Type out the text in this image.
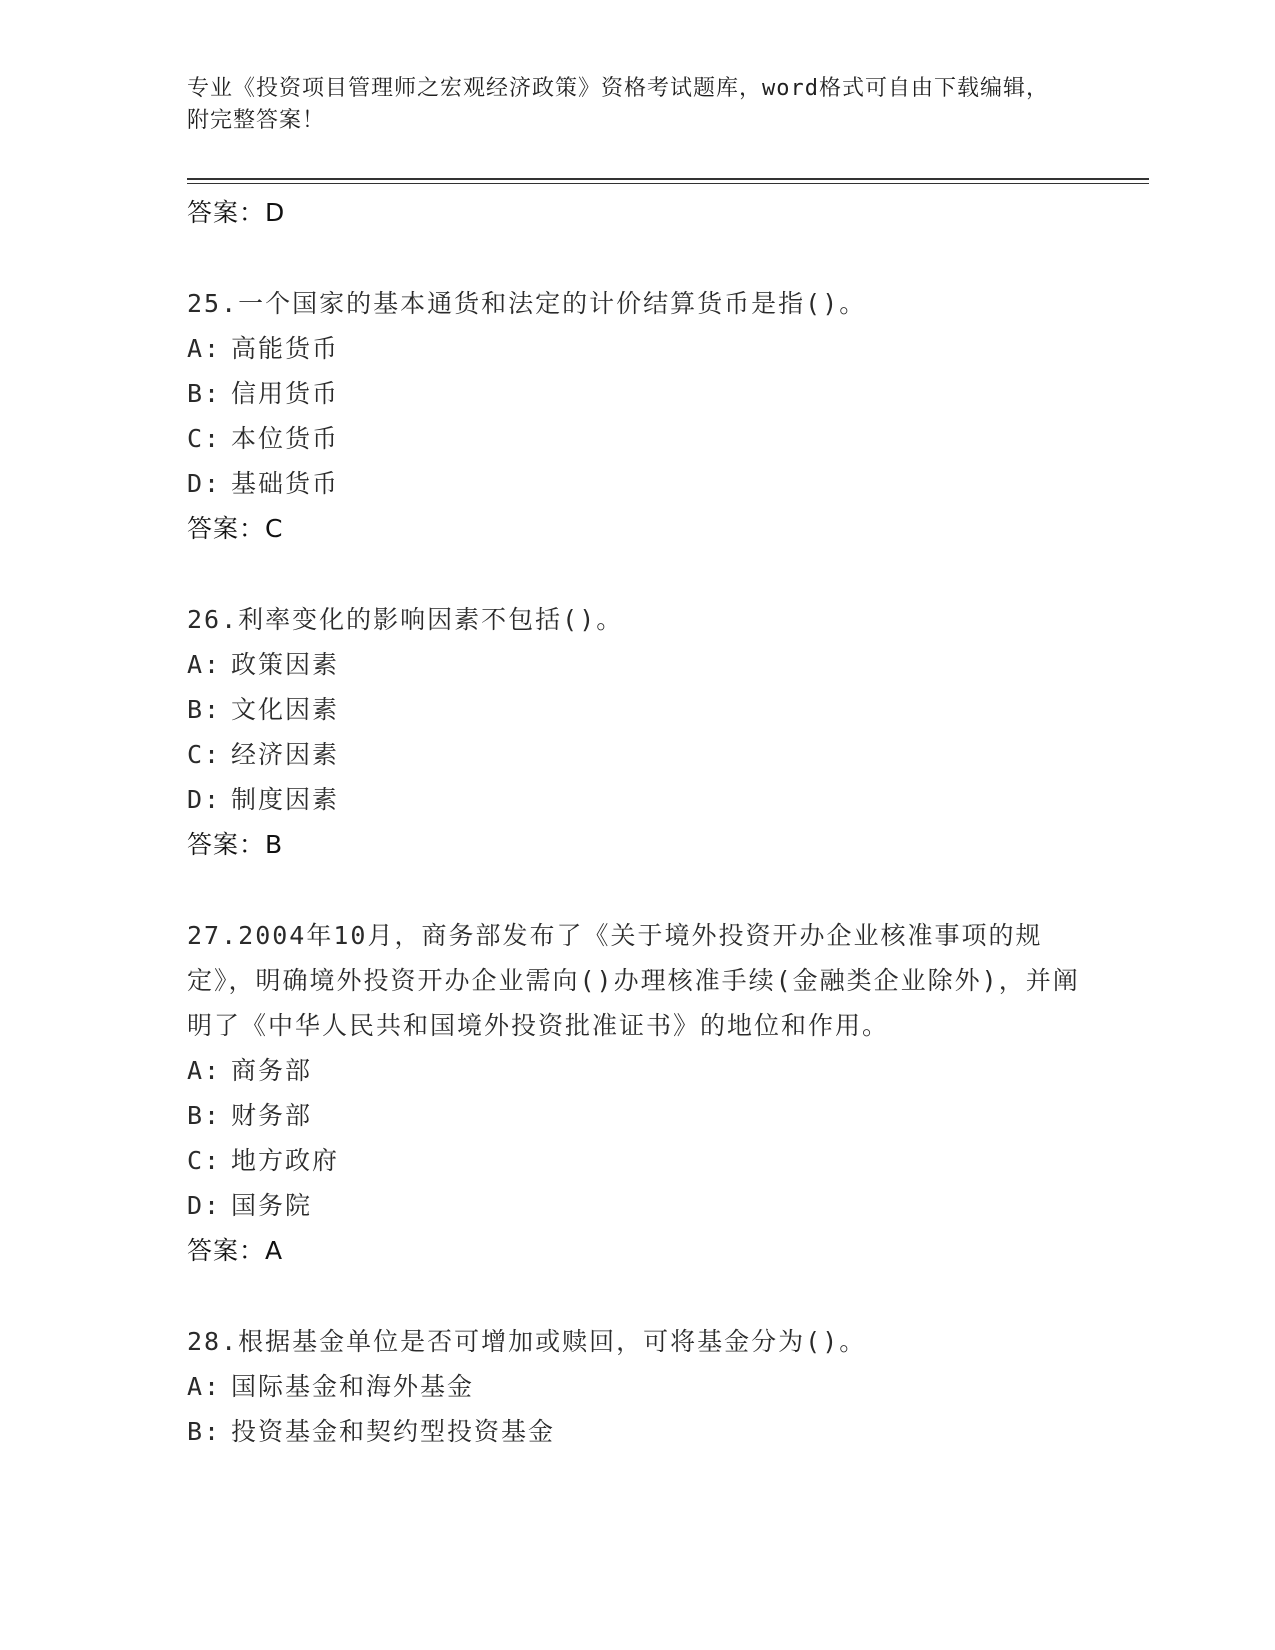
专业《投资项目管理师之宏观经济政策》资格考试题库，word格式可自由下载编辑，附完整答案！
答案：D
25.一个国家的基本通货和法定的计价结算货币是指()。
A: 高能货币
B: 信用货币
C: 本位货币
D: 基础货币
答案：C
26.利率变化的影响因素不包括()。
A: 政策因素
B: 文化因素
C: 经济因素
D: 制度因素
答案：B
27.2004年10月，商务部发布了《关于境外投资开办企业核准事项的规定》，明确境外投资开办企业需向()办理核准手续(金融类企业除外)，并阐明了《中华人民共和国境外投资批准证书》的地位和作用。
A: 商务部
B: 财务部
C: 地方政府
D: 国务院
答案：A
28.根据基金单位是否可增加或赎回，可将基金分为()。
A: 国际基金和海外基金
B: 投资基金和契约型投资基金
